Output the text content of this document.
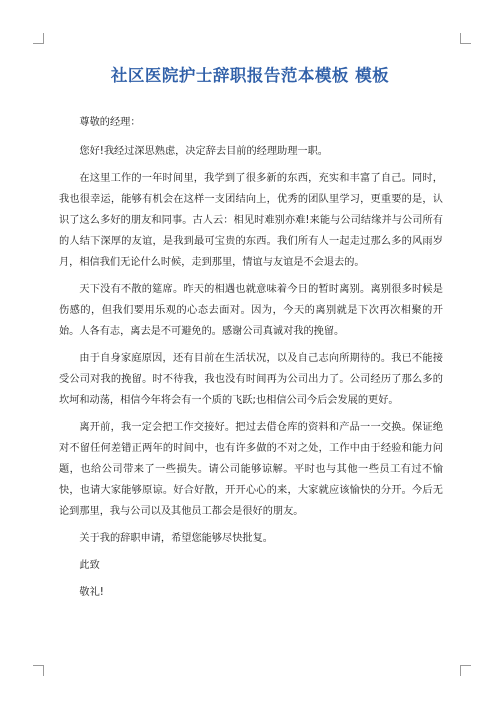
社区医院护士辞职报告范本模板 模板

尊敬的经理：

您好!我经过深思熟虑，决定辞去目前的经理助理一职。

在这里工作的一年时间里，我学到了很多新的东西，充实和丰富了自己。同时，我也很幸运，能够有机会在这样一支团结向上，优秀的团队里学习，更重要的是，认识了这么多好的朋友和同事。古人云：相见时难别亦难!来能与公司结缘并与公司所有的人结下深厚的友谊，是我到最可宝贵的东西。我们所有人一起走过那么多的风雨岁月，相信我们无论什么时候，走到那里，情谊与友谊是不会退去的。

天下没有不散的筵席。昨天的相遇也就意味着今日的暂时离别。离别很多时候是伤感的，但我们要用乐观的心态去面对。因为，今天的离别就是下次再次相聚的开始。人各有志，离去是不可避免的。感谢公司真诚对我的挽留。

由于自身家庭原因，还有目前在生活状况，以及自己志向所期待的。我已不能接受公司对我的挽留。时不待我，我也没有时间再为公司出力了。公司经历了那么多的坎坷和动荡，相信今年将会有一个质的飞跃;也相信公司今后会发展的更好。

离开前，我一定会把工作交接好。把过去借仓库的资料和产品一一交换。保证绝对不留任何差错正两年的时间中，也有许多做的不对之处，工作中由于经验和能力问题，也给公司带来了一些损失。请公司能够谅解。平时也与其他一些员工有过不愉快，也请大家能够原谅。好合好散，开开心心的来，大家就应该愉快的分开。今后无论到那里，我与公司以及其他员工都会是很好的朋友。

关于我的辞职申请，希望您能够尽快批复。

此致

敬礼!
